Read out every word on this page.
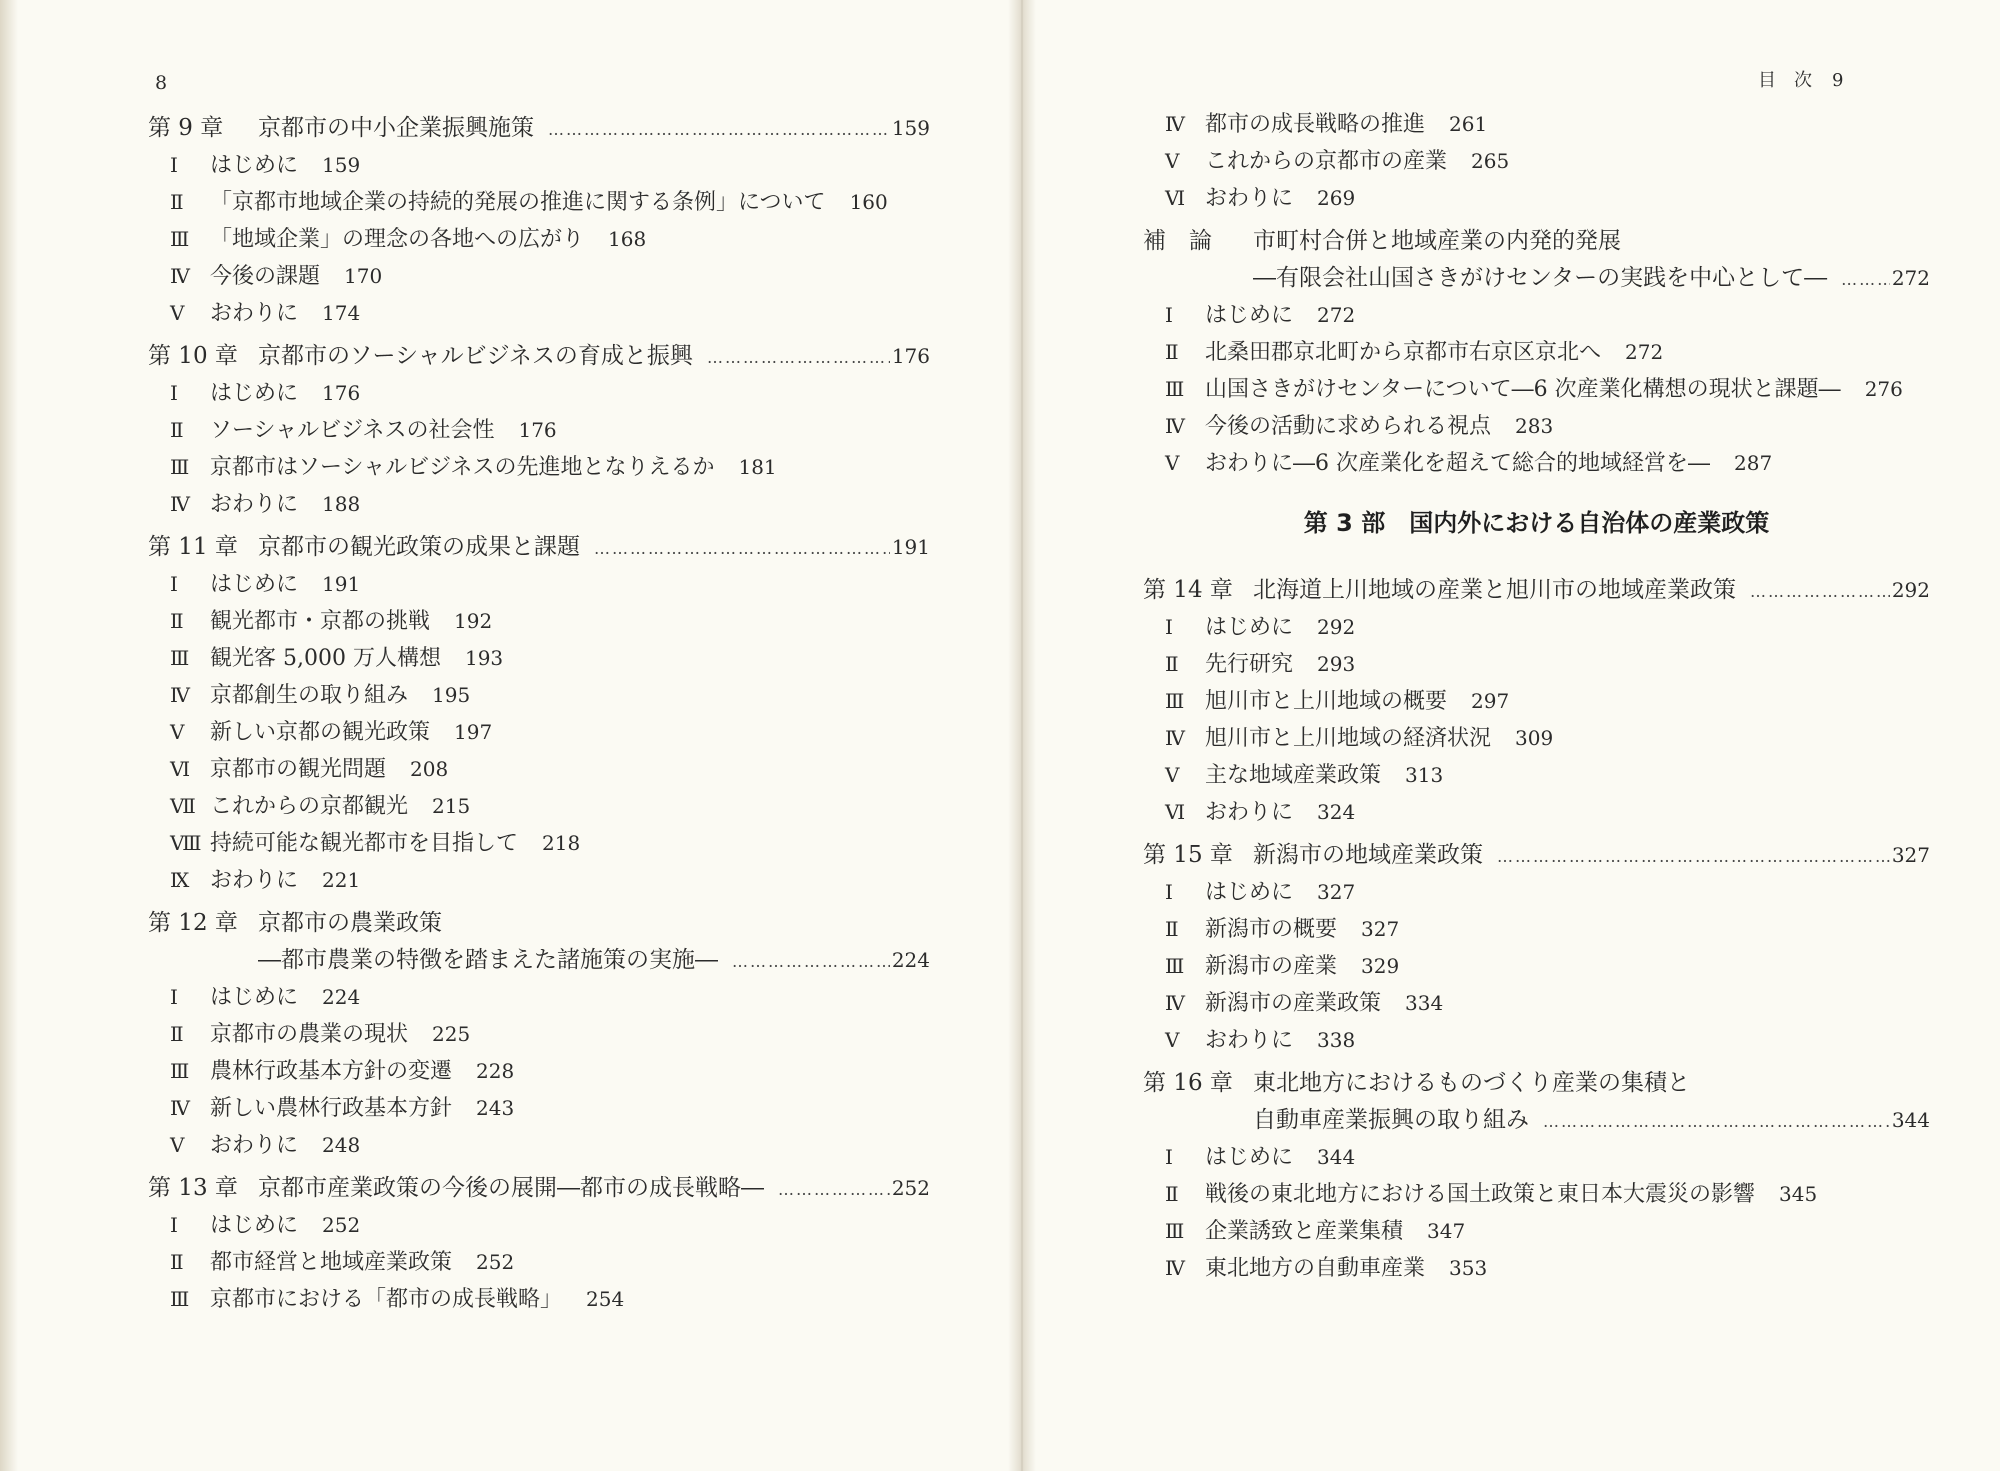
8	目　次 9
第 9 章	京都市の中小企業振興施策 …………………………………………………………………………………………………………………………	159
Ⅰ	はじめに 159
Ⅱ	「京都市地域企業の持続的発展の推進に関する条例」について 160
Ⅲ 「地域企業」の理念の各地への広がり 168
Ⅳ 今後の課題 170
Ⅴ	おわりに 174
第 10 章 京都市のソーシャルビジネスの育成と振興 …………………………………………………………………………………………………………………………	176
Ⅰ	はじめに 176
Ⅱ	ソーシャルビジネスの社会性 176
Ⅲ 京都市はソーシャルビジネスの先進地となりえるか 181
Ⅳ おわりに 188
第 11 章 京都市の観光政策の成果と課題 …………………………………………………………………………………………………………………………	191
Ⅰ	はじめに 191
Ⅱ	観光都市・京都の挑戦 192
Ⅲ 観光客 5,000 万人構想 193
Ⅳ 京都創生の取り組み 195
Ⅴ	新しい京都の観光政策 197
Ⅵ 京都市の観光問題 208
Ⅶ これからの京都観光 215
Ⅷ 持続可能な観光都市を目指して 218
Ⅸ おわりに 221
第 12 章 京都市の農業政策
―都市農業の特徴を踏まえた諸施策の実施― …………………………………………………………………………………………………………………………	224
Ⅰ	はじめに 224
Ⅱ	京都市の農業の現状 225
Ⅲ 農林行政基本方針の変遷 228
Ⅳ 新しい農林行政基本方針 243
Ⅴ	おわりに 248
第 13 章 京都市産業政策の今後の展開―都市の成長戦略― …………………………………………………………………………………………………………………………	252
Ⅰ	はじめに 252
Ⅱ	都市経営と地域産業政策 252
Ⅲ 京都市における「都市の成長戦略」 254
Ⅳ 都市の成長戦略の推進 261
Ⅴ	これからの京都市の産業 265
Ⅵ おわりに 269
補　論	市町村合併と地域産業の内発的発展
―有限会社山国さきがけセンターの実践を中心として― …………………………………………………………………………………………………………………………	272
Ⅰ	はじめに 272
Ⅱ	北桑田郡京北町から京都市右京区京北へ 272
Ⅲ 山国さきがけセンターについて―6 次産業化構想の現状と課題― 276
Ⅳ 今後の活動に求められる視点 283
Ⅴ	おわりに―6 次産業化を超えて総合的地域経営を― 287
第 3 部　国内外における自治体の産業政策
第 14 章 北海道上川地域の産業と旭川市の地域産業政策 …………………………………………………………………………………………………………………………	292
Ⅰ	はじめに 292
Ⅱ	先行研究 293
Ⅲ 旭川市と上川地域の概要 297
Ⅳ 旭川市と上川地域の経済状況 309
Ⅴ	主な地域産業政策 313
Ⅵ おわりに 324
第 15 章 新潟市の地域産業政策 …………………………………………………………………………………………………………………………	327
Ⅰ	はじめに 327
Ⅱ	新潟市の概要 327
Ⅲ 新潟市の産業 329
Ⅳ 新潟市の産業政策 334
Ⅴ	おわりに 338
第 16 章 東北地方におけるものづくり産業の集積と
自動車産業振興の取り組み …………………………………………………………………………………………………………………………	344
Ⅰ	はじめに 344
Ⅱ	戦後の東北地方における国土政策と東日本大震災の影響 345
Ⅲ 企業誘致と産業集積 347
Ⅳ 東北地方の自動車産業 353
